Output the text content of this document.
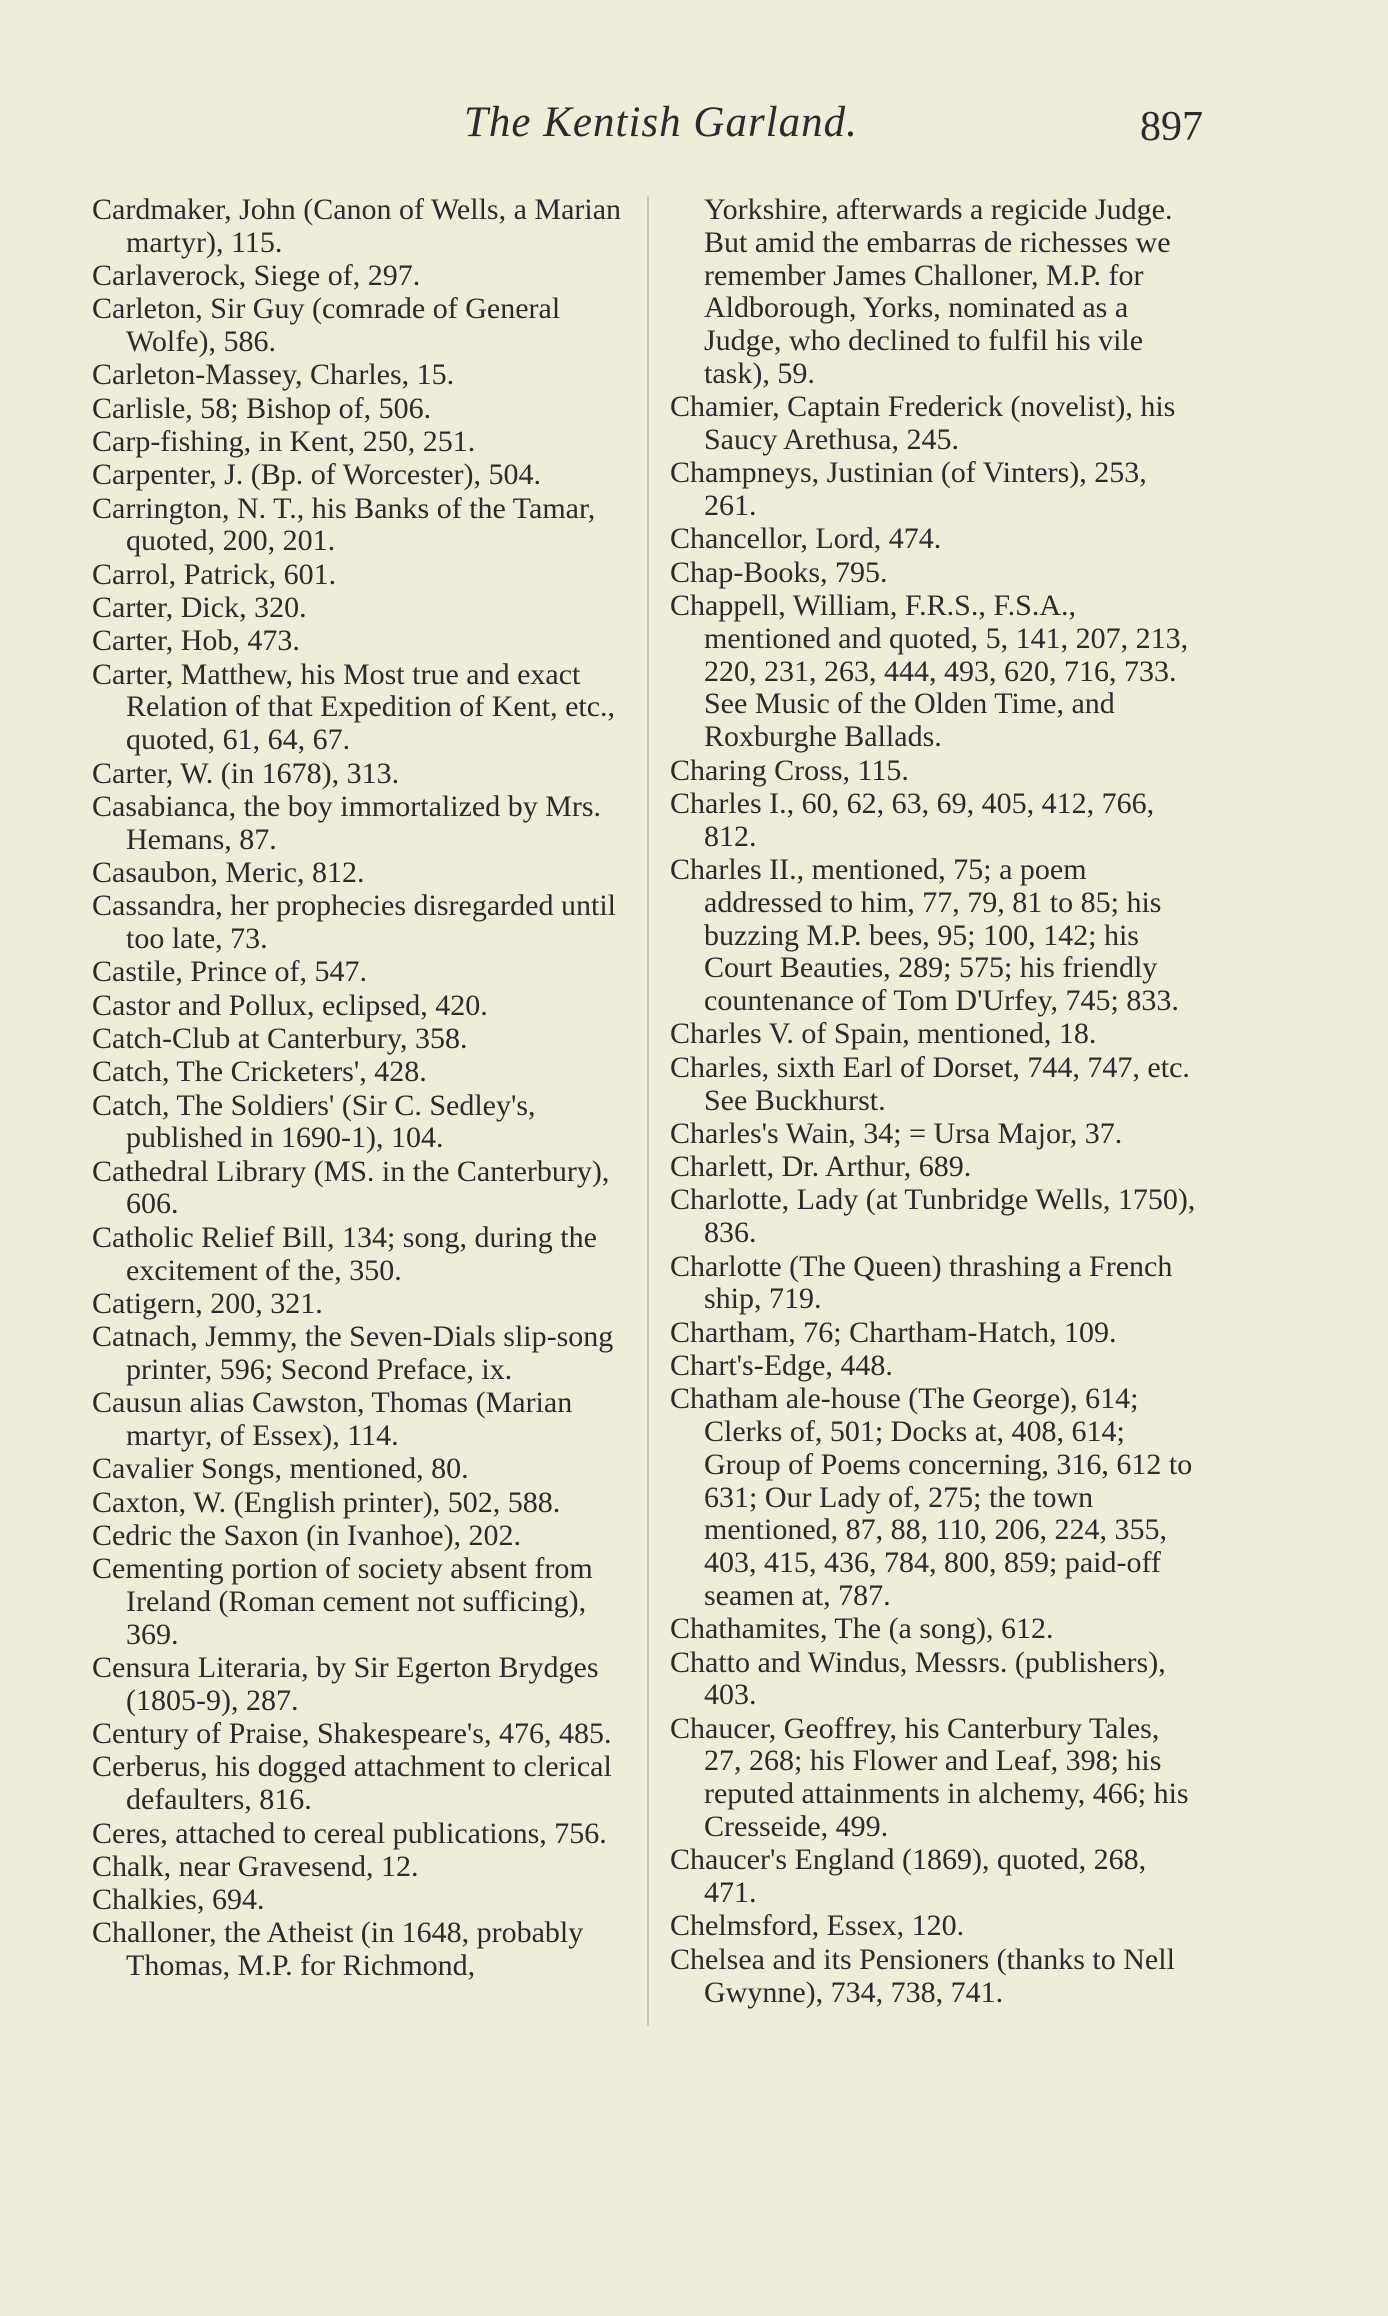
The Kentish Garland.	897

Cardmaker, John (Canon of Wells, a Marian martyr), 115.

Carlaverock, Siege of, 297.

Carleton, Sir Guy (comrade of General Wolfe), 586.

Carleton-Massey, Charles, 15.

Carlisle, 58; Bishop of, 506.

Carp-fishing, in Kent, 250, 251.

Carpenter, J. (Bp. of Worcester), 504.

Carrington, N. T., his Banks of the Tamar, quoted, 200, 201.

Carrol, Patrick, 601.

Carter, Dick, 320.

Carter, Hob, 473.

Carter, Matthew, his Most true and exact Relation of that Expedition of Kent, etc., quoted, 61, 64, 67.

Carter, W. (in 1678), 313.

Casabianca, the boy immortalized by Mrs. Hemans, 87.

Casaubon, Meric, 812.

Cassandra, her prophecies disregarded until too late, 73.

Castile, Prince of, 547.

Castor and Pollux, eclipsed, 420.

Catch-Club at Canterbury, 358.

Catch, The Cricketers', 428.

Catch, The Soldiers' (Sir C. Sedley's, published in 1690-1), 104.

Cathedral Library (MS. in the Canterbury), 606.

Catholic Relief Bill, 134; song, during the excitement of the, 350.

Catigern, 200, 321.

Catnach, Jemmy, the Seven-Dials slip-song printer, 596; Second Preface, ix.

Causun alias Cawston, Thomas (Marian martyr, of Essex), 114.

Cavalier Songs, mentioned, 80.

Caxton, W. (English printer), 502, 588.

Cedric the Saxon (in Ivanhoe), 202.

Cementing portion of society absent from Ireland (Roman cement not sufficing), 369.

Censura Literaria, by Sir Egerton Brydges (1805-9), 287.

Century of Praise, Shakespeare's, 476, 485.

Cerberus, his dogged attachment to clerical defaulters, 816.

Ceres, attached to cereal publications, 756.

Chalk, near Gravesend, 12.

Chalkies, 694.

Challoner, the Atheist (in 1648, probably Thomas, M.P. for Richmond,

Yorkshire, afterwards a regicide Judge. But amid the embarras de richesses we remember James Challoner, M.P. for Aldborough, Yorks, nominated as a Judge, who declined to fulfil his vile task), 59.

Chamier, Captain Frederick (novelist), his Saucy Arethusa, 245.

Champneys, Justinian (of Vinters), 253, 261.

Chancellor, Lord, 474.

Chap-Books, 795.

Chappell, William, F.R.S., F.S.A., mentioned and quoted, 5, 141, 207, 213, 220, 231, 263, 444, 493, 620, 716, 733. See Music of the Olden Time, and Roxburghe Ballads.

Charing Cross, 115.

Charles I., 60, 62, 63, 69, 405, 412, 766, 812.

Charles II., mentioned, 75; a poem addressed to him, 77, 79, 81 to 85; his buzzing M.P. bees, 95; 100, 142; his Court Beauties, 289; 575; his friendly countenance of Tom D'Urfey, 745; 833.

Charles V. of Spain, mentioned, 18.

Charles, sixth Earl of Dorset, 744, 747, etc. See Buckhurst.

Charles's Wain, 34; = Ursa Major, 37.

Charlett, Dr. Arthur, 689.

Charlotte, Lady (at Tunbridge Wells, 1750), 836.

Charlotte (The Queen) thrashing a French ship, 719.

Chartham, 76; Chartham-Hatch, 109.

Chart's-Edge, 448.

Chatham ale-house (The George), 614; Clerks of, 501; Docks at, 408, 614; Group of Poems concerning, 316, 612 to 631; Our Lady of, 275; the town mentioned, 87, 88, 110, 206, 224, 355, 403, 415, 436, 784, 800, 859; paid-off seamen at, 787.

Chathamites, The (a song), 612.

Chatto and Windus, Messrs. (publishers), 403.

Chaucer, Geoffrey, his Canterbury Tales, 27, 268; his Flower and Leaf, 398; his reputed attainments in alchemy, 466; his Cresseide, 499.

Chaucer's England (1869), quoted, 268, 471.

Chelmsford, Essex, 120.

Chelsea and its Pensioners (thanks to Nell Gwynne), 734, 738, 741.
